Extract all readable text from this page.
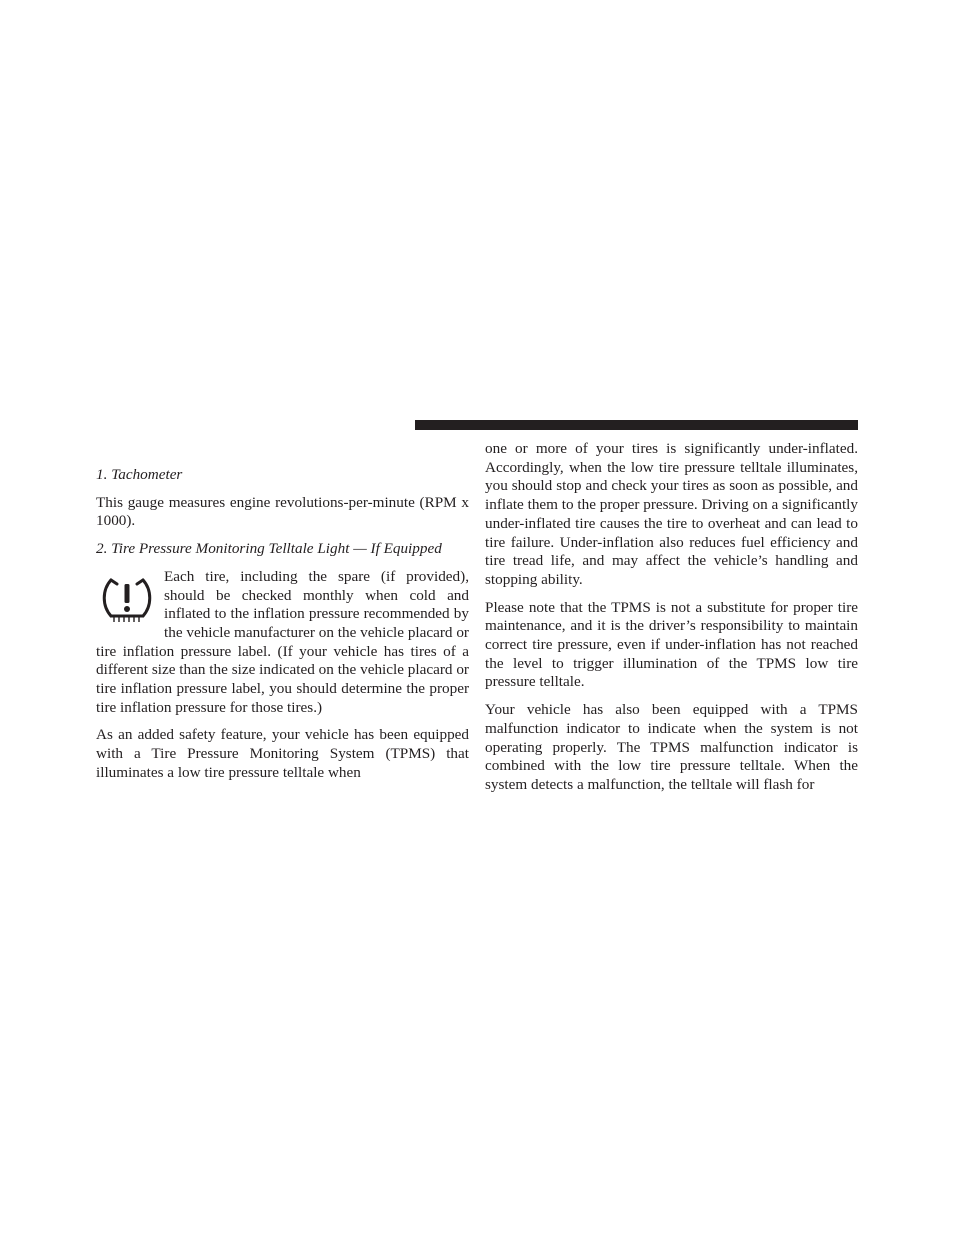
1. Tachometer

This gauge measures engine revolutions-per-minute (RPM x 1000).

2. Tire Pressure Monitoring Telltale Light — If Equipped

Each tire, including the spare (if provided), should be checked monthly when cold and inflated to the inflation pressure recommended by the vehicle manufacturer on the vehicle placard or tire inflation pressure label. (If your vehicle has tires of a different size than the size indicated on the vehicle placard or tire inflation pressure label, you should determine the proper tire inflation pressure for those tires.)

As an added safety feature, your vehicle has been equipped with a Tire Pressure Monitoring System (TPMS) that illuminates a low tire pressure telltale when

one or more of your tires is significantly under-inflated. Accordingly, when the low tire pressure telltale illuminates, you should stop and check your tires as soon as possible, and inflate them to the proper pressure. Driving on a significantly under-inflated tire causes the tire to overheat and can lead to tire failure. Under-inflation also reduces fuel efficiency and tire tread life, and may affect the vehicle’s handling and stopping ability.

Please note that the TPMS is not a substitute for proper tire maintenance, and it is the driver’s responsibility to maintain correct tire pressure, even if under-inflation has not reached the level to trigger illumination of the TPMS low tire pressure telltale.

Your vehicle has also been equipped with a TPMS malfunction indicator to indicate when the system is not operating properly. The TPMS malfunction indicator is combined with the low tire pressure telltale. When the system detects a malfunction, the telltale will flash for
